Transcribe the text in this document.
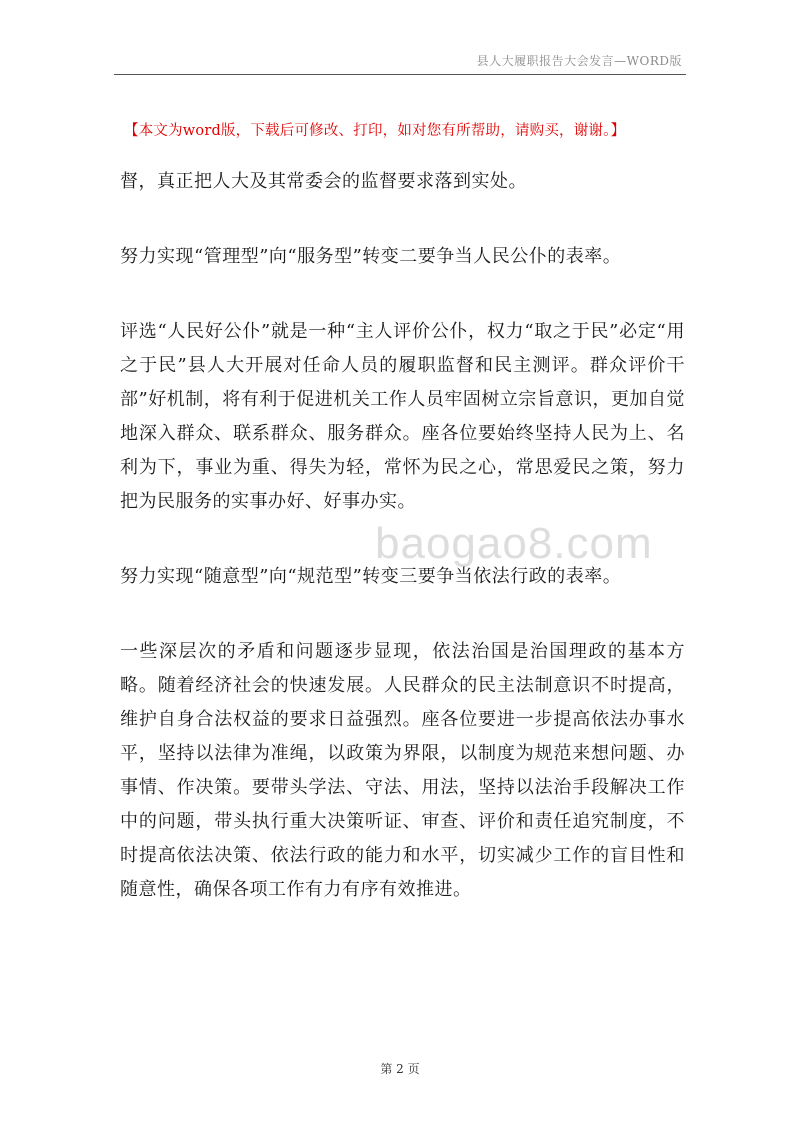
县人大履职报告大会发言—WORD版
【本文为word版，下载后可修改、打印，如对您有所帮助，请购买，谢谢。】

督，真正把人大及其常委会的监督要求落到实处。

努力实现“管理型”向“服务型”转变二要争当人民公仆的表率。

评选“人民好公仆”就是一种“主人评价公仆，权力“取之于民”必定“用之于民”县人大开展对任命人员的履职监督和民主测评。群众评价干部”好机制，将有利于促进机关工作人员牢固树立宗旨意识，更加自觉地深入群众、联系群众、服务群众。座各位要始终坚持人民为上、名利为下，事业为重、得失为轻，常怀为民之心，常思爱民之策，努力把为民服务的实事办好、好事办实。

努力实现“随意型”向“规范型”转变三要争当依法行政的表率。

一些深层次的矛盾和问题逐步显现，依法治国是治国理政的基本方略。随着经济社会的快速发展。人民群众的民主法制意识不时提高，维护自身合法权益的要求日益强烈。座各位要进一步提高依法办事水平，坚持以法律为准绳，以政策为界限，以制度为规范来想问题、办事情、作决策。要带头学法、守法、用法，坚持以法治手段解决工作中的问题，带头执行重大决策听证、审查、评价和责任追究制度，不时提高依法决策、依法行政的能力和水平，切实减少工作的盲目性和随意性，确保各项工作有力有序有效推进。

baogao8.com
第 2 页
